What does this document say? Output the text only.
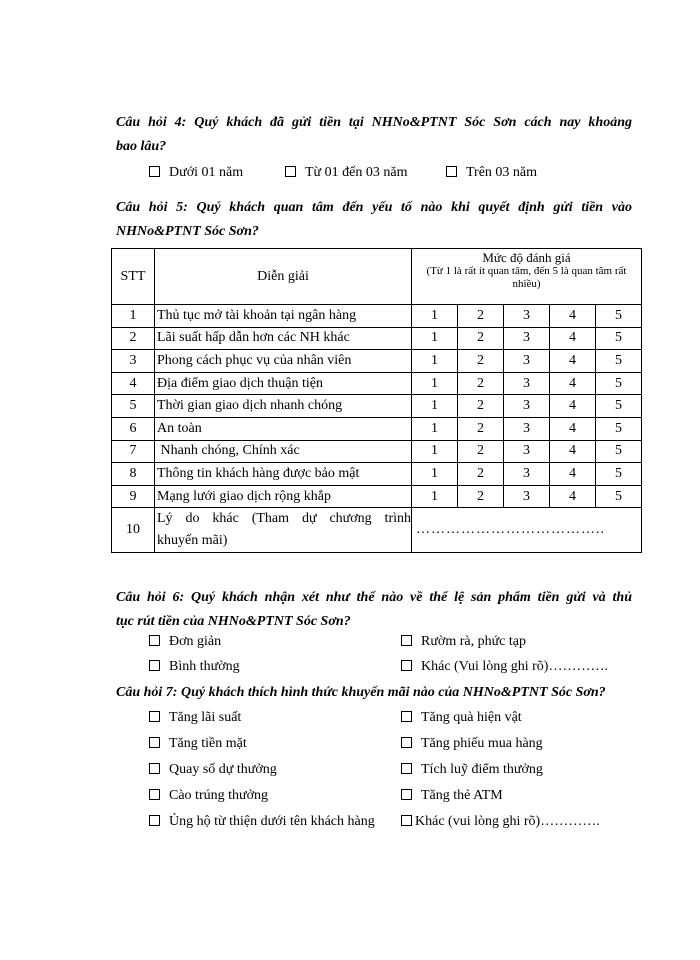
Câu hỏi 4: Quý khách đã gửi tiền tại NHNo&PTNT Sóc Sơn cách nay khoảng
bao lâu?
Dưới 01 năm	Từ 01 đến 03 năm	Trên 03 năm
Câu hỏi 5: Quý khách quan tâm đến yếu tố nào khi quyết định gửi tiền vào
NHNo&PTNT Sóc Sơn?
STT	Diễn giải	Mức độ đánh giá
(Từ 1 là rất ít quan tâm, đến 5 là quan tâm rất nhiều)				

1	Thủ tục mở tài khoản tại ngân hàng	1	2	3	4	5
2	Lãi suất hấp dẫn hơn các NH khác	1	2	3	4	5
3	Phong cách phục vụ của nhân viên	1	2	3	4	5
4	Địa điểm giao dịch thuận tiện	1	2	3	4	5
5	Thời gian giao dịch nhanh chóng	1	2	3	4	5
6	An toàn	1	2	3	4	5
7	Nhanh chóng, Chính xác	1	2	3	4	5
8	Thông tin khách hàng được bảo mật	1	2	3	4	5
9	Mạng lưới giao dịch rộng khắp	1	2	3	4	5
10	Lý do khác (Tham dự chương trình
khuyến mãi)	………………………………..				
Câu hỏi 6: Quý khách nhận xét như thế nào về thể lệ sản phẩm tiền gửi và thủ
tục rút tiền của NHNo&PTNT Sóc Sơn?
Đơn giản	Rườm rà, phức tạp
Bình thường	Khác (Vui lòng ghi rõ)………….
Câu hỏi 7: Quý khách thích hình thức khuyến mãi nào của NHNo&PTNT Sóc Sơn?
Tăng lãi suất	Tăng quà hiện vật
Tăng tiền mặt	Tăng phiếu mua hàng
Quay số dự thưởng	Tích luỹ điểm thưởng
Cào trúng thưởng	Tăng thẻ ATM
Ủng hộ từ thiện dưới tên khách hàng	Khác (vui lòng ghi rõ)………….
